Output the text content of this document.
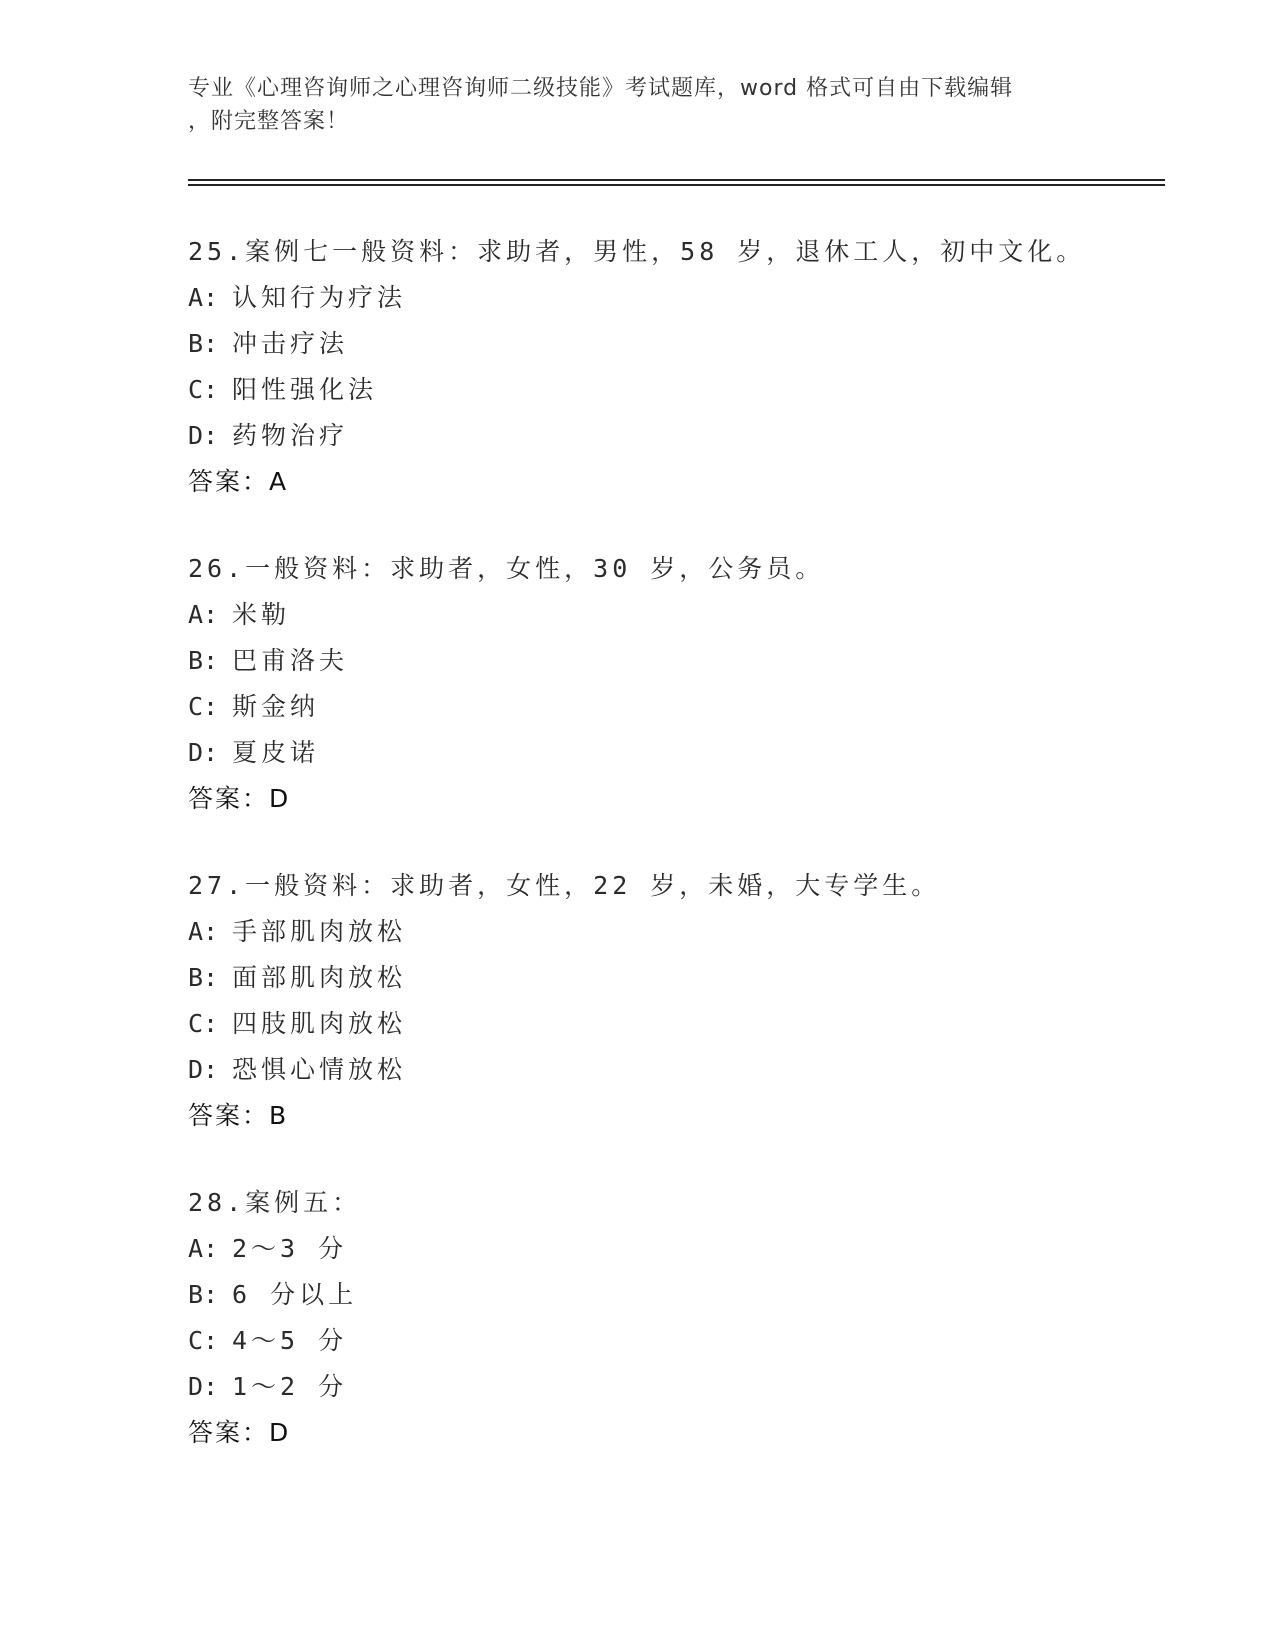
专业《心理咨询师之心理咨询师二级技能》考试题库，word 格式可自由下载编辑
，附完整答案！
25.案例七一般资料：求助者，男性，58 岁，退休工人，初中文化。
A: 认知行为疗法
B: 冲击疗法
C: 阳性强化法
D: 药物治疗
答案：A
26.一般资料：求助者，女性，30 岁，公务员。
A: 米勒
B: 巴甫洛夫
C: 斯金纳
D: 夏皮诺
答案：D
27.一般资料：求助者，女性，22 岁，未婚，大专学生。
A: 手部肌肉放松
B: 面部肌肉放松
C: 四肢肌肉放松
D: 恐惧心情放松
答案：B
28.案例五：
A: 2～3 分
B: 6 分以上
C: 4～5 分
D: 1～2 分
答案：D
